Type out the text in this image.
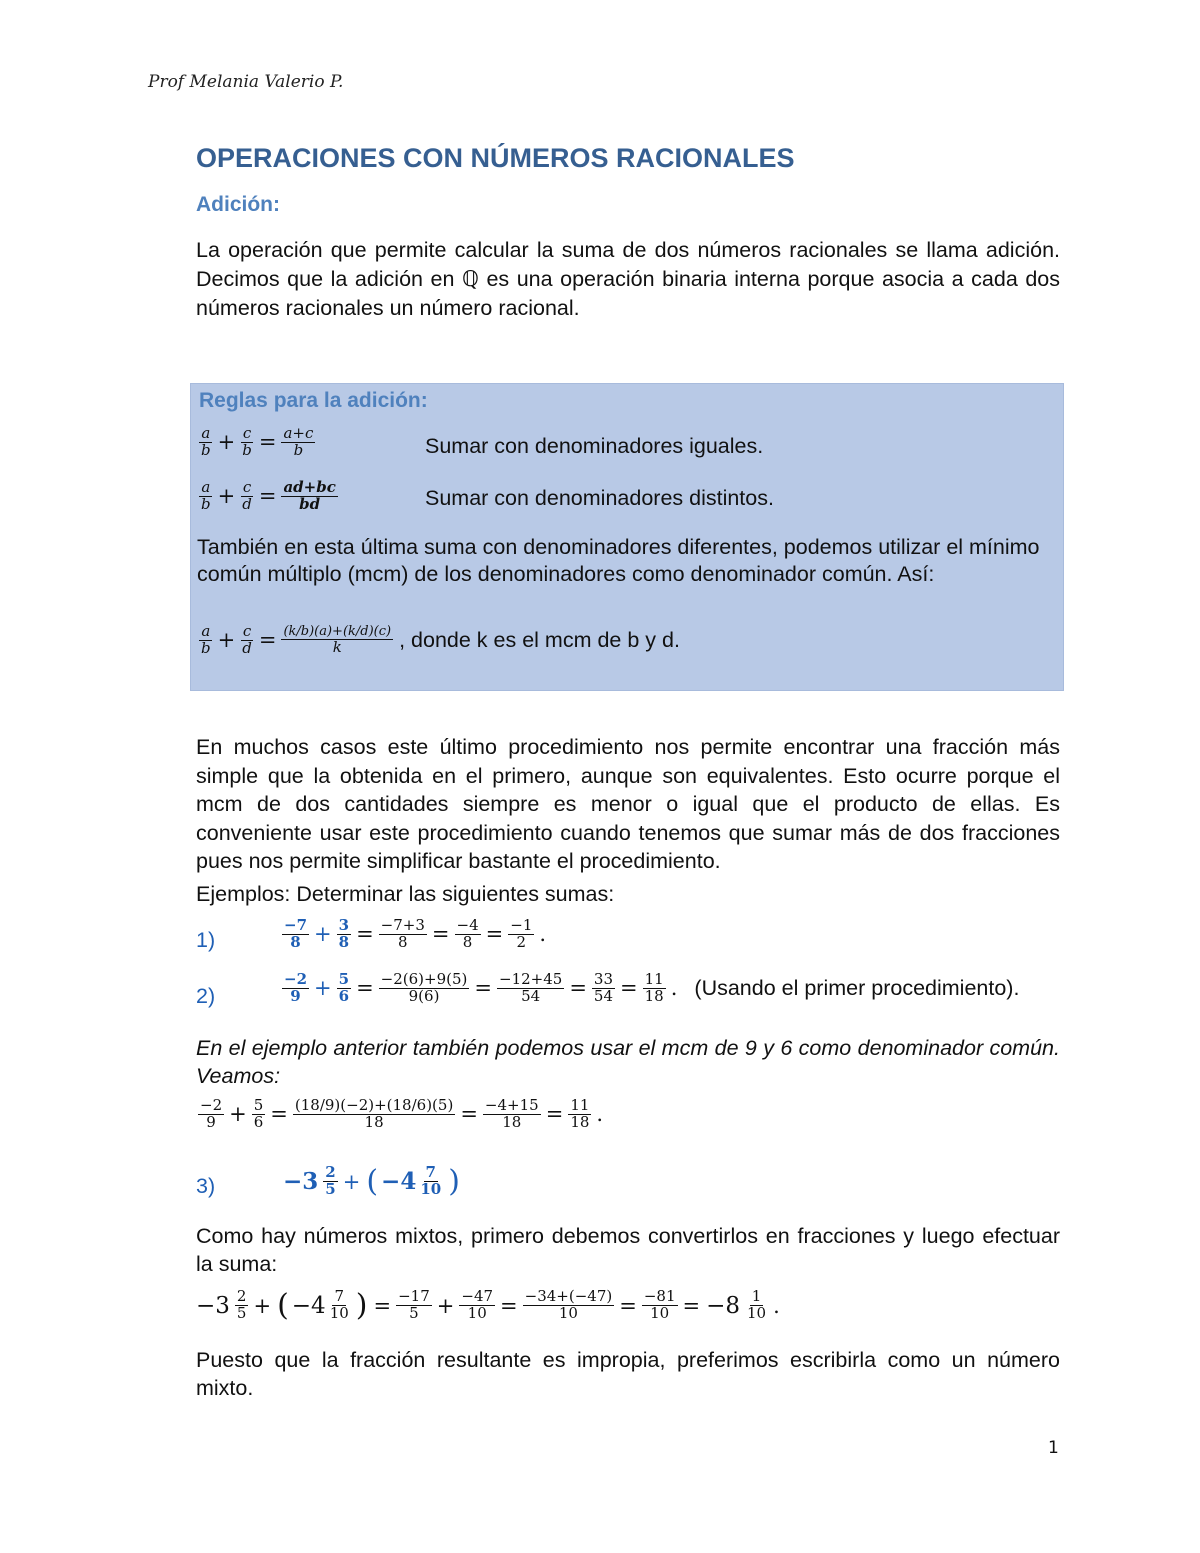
Prof Melania Valerio P.
OPERACIONES CON NÚMEROS RACIONALES
Adición:

La operación que permite calcular la suma de dos números racionales se llama adición. Decimos que la adición en ℚ es una operación binaria interna porque asocia a cada dos números racionales un número racional.

Reglas para la adición:
$\frac{a}{b} + \frac{c}{b} = \frac{a+c}{b}$	Sumar con denominadores iguales.
$\frac{a}{b} + \frac{c}{d} = \frac{ad+bc}{bd}$	Sumar con denominadores distintos.
También en esta última suma con denominadores diferentes, podemos utilizar el mínimo común múltiplo (mcm) de los denominadores como denominador común. Así:
$\frac{a}{b} + \frac{c}{d} = \frac{(k/b)(a)+(k/d)(c)}{k}$ , donde k es el mcm de b y d.

En muchos casos este último procedimiento nos permite encontrar una fracción más simple que la obtenida en el primero, aunque son equivalentes. Esto ocurre porque el mcm de dos cantidades siempre es menor o igual que el producto de ellas. Es conveniente usar este procedimiento cuando tenemos que sumar más de dos fracciones pues nos permite simplificar bastante el procedimiento.

Ejemplos: Determinar las siguientes sumas:

1)	$\frac{-7}{8} + \frac{3}{8} = \frac{-7+3}{8} = \frac{-4}{8} = \frac{-1}{2}$ .
2)	$\frac{-2}{9} + \frac{5}{6} = \frac{-2(6)+9(5)}{9(6)} = \frac{-12+45}{54} = \frac{33}{54} = \frac{11}{18}$ . (Usando el primer procedimiento).

En el ejemplo anterior también podemos usar el mcm de 9 y 6 como denominador común. Veamos:

$\frac{-2}{9} + \frac{5}{6} = \frac{(18/9)(-2)+(18/6)(5)}{18} = \frac{-4+15}{18} = \frac{11}{18}$ .
3)	$-3 \frac{2}{5}$ + ( $-4 \frac{7}{10}$ )

Como hay números mixtos, primero debemos convertirlos en fracciones y luego efectuar la suma:

$-3 \frac{2}{5}$ + ( $-4 \frac{7}{10}$ ) = $\frac{-17}{5} + \frac{-47}{10} = \frac{-34+(-47)}{10} = \frac{-81}{10} = -8 \frac{1}{10}$ .

Puesto que la fracción resultante es impropia, preferimos escribirla como un número mixto.

1
